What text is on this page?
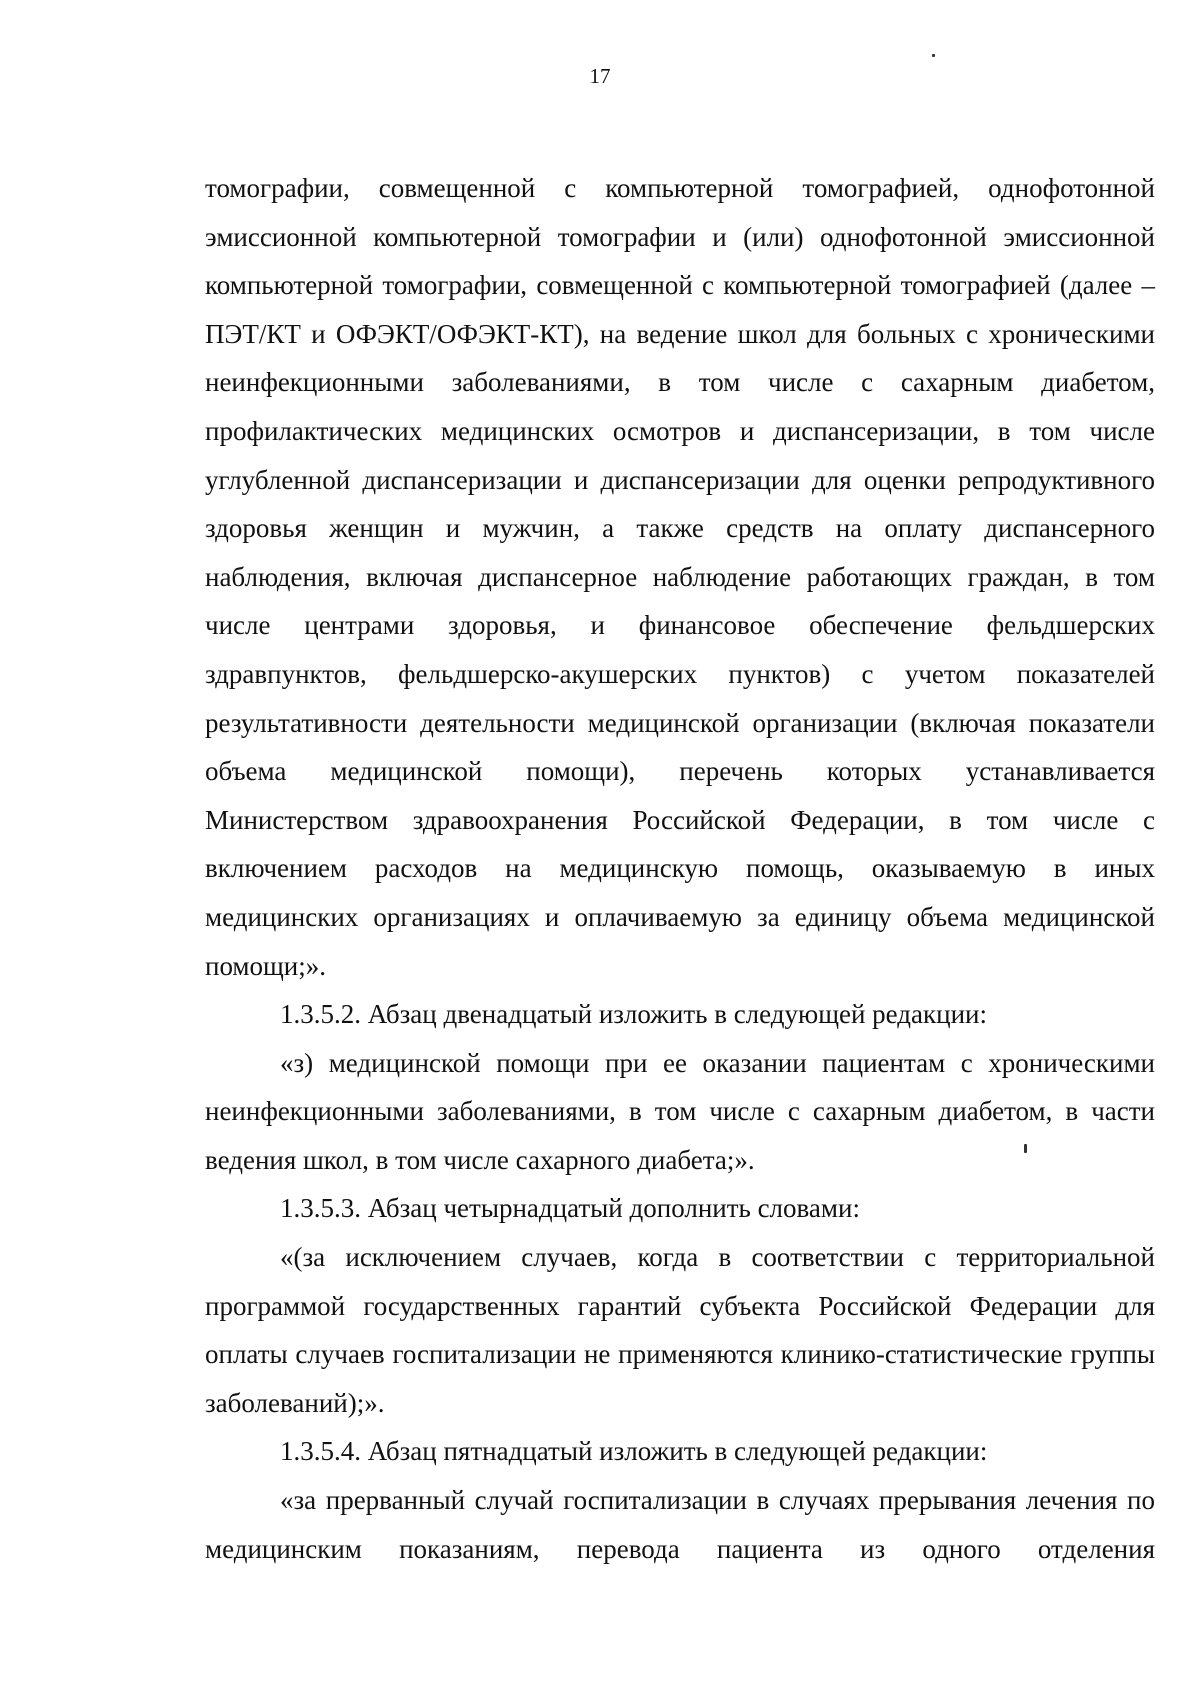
17

томографии, совмещенной с компьютерной томографией, однофотонной эмиссионной компьютерной томографии и (или) однофотонной эмиссионной компьютерной томографии, совмещенной с компьютерной томографией (далее – ПЭТ/КТ и ОФЭКТ/ОФЭКТ-КТ), на ведение школ для больных с хроническими неинфекционными заболеваниями, в том числе с сахарным диабетом, профилактических медицинских осмотров и диспансеризации, в том числе углубленной диспансеризации и диспансеризации для оценки репродуктивного здоровья женщин и мужчин, а также средств на оплату диспансерного наблюдения, включая диспансерное наблюдение работающих граждан, в том числе центрами здоровья, и финансовое обеспечение фельдшерских здравпунктов, фельдшерско-акушерских пунктов) с учетом показателей результативности деятельности медицинской организации (включая показатели объема медицинской помощи), перечень которых устанавливается Министерством здравоохранения Российской Федерации, в том числе с включением расходов на медицинскую помощь, оказываемую в иных медицинских организациях и оплачиваемую за единицу объема медицинской помощи;».

1.3.5.2. Абзац двенадцатый изложить в следующей редакции:

«з) медицинской помощи при ее оказании пациентам с хроническими неинфекционными заболеваниями, в том числе с сахарным диабетом, в части ведения школ, в том числе сахарного диабета;».

1.3.5.3. Абзац четырнадцатый дополнить словами:

«(за исключением случаев, когда в соответствии с территориальной программой государственных гарантий субъекта Российской Федерации для оплаты случаев госпитализации не применяются клинико-статистические группы заболеваний);».

1.3.5.4. Абзац пятнадцатый изложить в следующей редакции:

«за прерванный случай госпитализации в случаях прерывания лечения по медицинским показаниям, перевода пациента из одного отделения
